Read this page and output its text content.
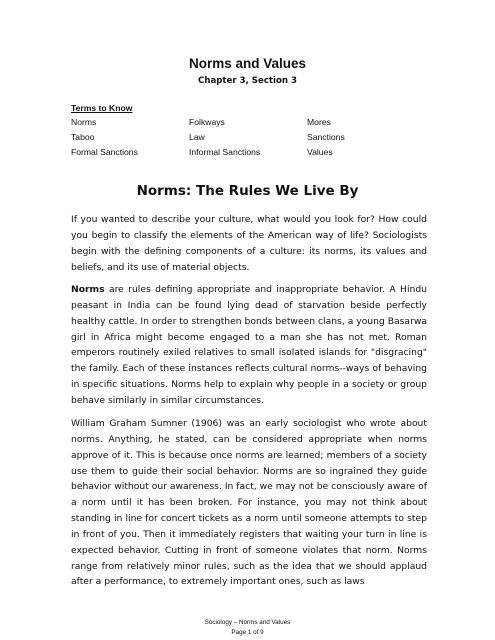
Norms and Values
Chapter 3, Section 3
Terms to Know
Norms	Folkways	Mores
Taboo	Law	Sanctions
Formal Sanctions	Informal Sanctions	Values
Norms: The Rules We Live By

If you wanted to describe your culture, what would you look for? How could you begin to classify the elements of the American way of life? Sociologists begin with the defining components of a culture: its norms, its values and beliefs, and its use of material objects.

Norms are rules defining appropriate and inappropriate behavior. A Hindu peasant in India can be found lying dead of starvation beside perfectly healthy cattle. In order to strengthen bonds between clans, a young Basarwa girl in Africa might become engaged to a man she has not met. Roman emperors routinely exiled relatives to small isolated islands for "disgracing" the family. Each of these instances reflects cultural norms--ways of behaving in specific situations. Norms help to explain why people in a society or group behave similarly in similar circumstances.

William Graham Sumner (1906) was an early sociologist who wrote about norms. Anything, he stated, can be considered appropriate when norms approve of it. This is because once norms are learned; members of a society use them to guide their social behavior. Norms are so ingrained they guide behavior without our awareness. In fact, we may not be consciously aware of a norm until it has been broken. For instance, you may not think about standing in line for concert tickets as a norm until someone attempts to step in front of you. Then it immediately registers that waiting your turn in line is expected behavior. Cutting in front of someone violates that norm. Norms range from relatively minor rules, such as the idea that we should applaud after a performance, to extremely important ones, such as laws

Sociology – Norms and Values
Page 1 of 9
